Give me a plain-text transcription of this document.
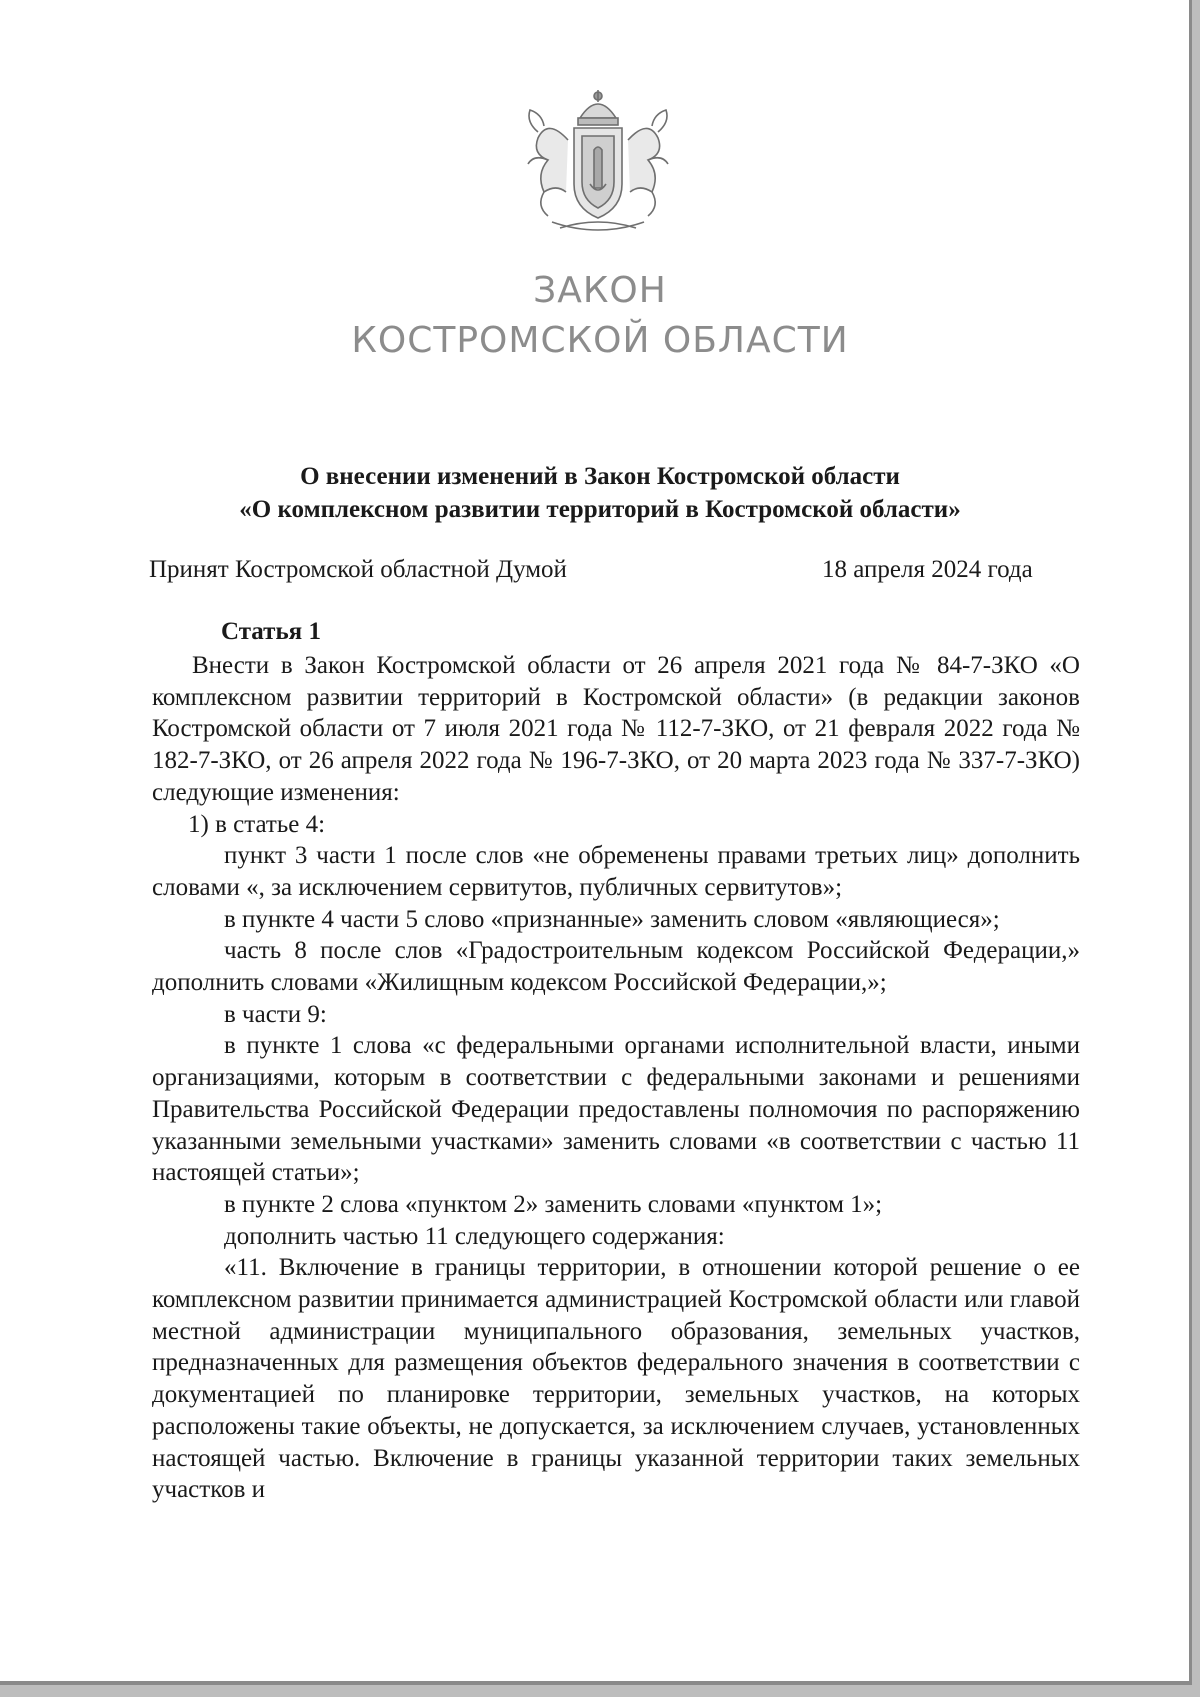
ЗАКОН
КОСТРОМСКОЙ ОБЛАСТИ
О внесении изменений в Закон Костромской области
«О комплексном развитии территорий в Костромской области»
Принят Костромской областной Думой	18 апреля 2024 года
Статья 1

Внести в Закон Костромской области от 26 апреля 2021 года № 84-7-ЗКО «О комплексном развитии территорий в Костромской области» (в редакции законов Костромской области от 7 июля 2021 года № 112-7-ЗКО, от 21 февраля 2022 года № 182-7-ЗКО, от 26 апреля 2022 года № 196-7-ЗКО, от 20 марта 2023 года № 337-7-ЗКО) следующие изменения:

1) в статье 4:

пункт 3 части 1 после слов «не обременены правами третьих лиц» дополнить словами «, за исключением сервитутов, публичных сервитутов»;

в пункте 4 части 5 слово «признанные» заменить словом «являющиеся»;

часть 8 после слов «Градостроительным кодексом Российской Федерации,» дополнить словами «Жилищным кодексом Российской Федерации,»;

в части 9:

в пункте 1 слова «с федеральными органами исполнительной власти, иными организациями, которым в соответствии с федеральными законами и решениями Правительства Российской Федерации предоставлены полномочия по распоряжению указанными земельными участками» заменить словами «в соответствии с частью 11 настоящей статьи»;

в пункте 2 слова «пунктом 2» заменить словами «пунктом 1»;

дополнить частью 11 следующего содержания:

«11. Включение в границы территории, в отношении которой решение о ее комплексном развитии принимается администрацией Костромской области или главой местной администрации муниципального образования, земельных участков, предназначенных для размещения объектов федерального значения в соответствии с документацией по планировке территории, земельных участков, на которых расположены такие объекты, не допускается, за исключением случаев, установленных настоящей частью. Включение в границы указанной территории таких земельных участков и
